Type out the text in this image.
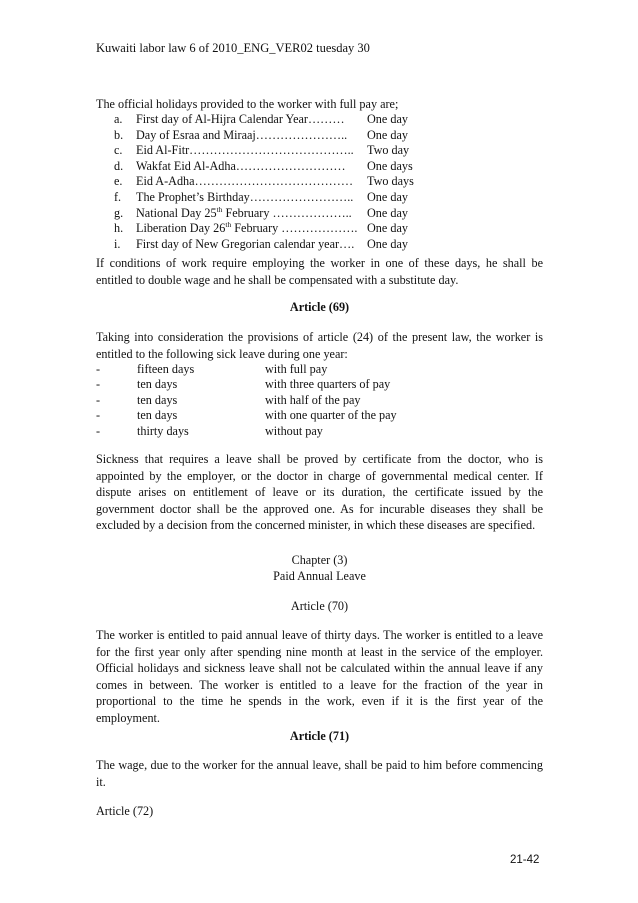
Kuwaiti labor law 6 of 2010_ENG_VER02 tuesday 30

The official holidays provided to the worker with full pay are;

a. First day of Al-Hijra Calendar Year………	One day
b. Day of Esraa and Miraaj…………………..	One day
c. Eid Al-Fitr…………………………………..	Two day
d. Wakfat Eid Al-Adha………………………	One days
e. Eid A-Adha…………………………………	Two days
f. The Prophet’s Birthday……………………..	One day
g. National Day 25th February ………………..	One day
h. Liberation Day 26th February ………………. One day
i. First day of New Gregorian calendar year….	One day

If conditions of work require employing the worker in one of these days, he shall be entitled to double wage and he shall be compensated with a substitute day.

Article (69)

Taking into consideration the provisions of article (24) of the present law, the worker is entitled to the following sick leave during one year:

-	fifteen days	with full pay
-	ten days	with three quarters of pay
-	ten days	with half of the pay
-	ten days	with one quarter of the pay
-	thirty days	without pay

Sickness that requires a leave shall be proved by certificate from the doctor, who is appointed by the employer, or the doctor in charge of governmental medical center. If dispute arises on entitlement of leave or its duration, the certificate issued by the government doctor shall be the approved one. As for incurable diseases they shall be excluded by a decision from the concerned minister, in which these diseases are specified.

Chapter (3)
Paid Annual Leave
Article (70)

The worker is entitled to paid annual leave of thirty days. The worker is entitled to a leave for the first year only after spending nine month at least in the service of the employer. Official holidays and sickness leave shall not be calculated within the annual leave if any comes in between. The worker is entitled to a leave for the fraction of the year in proportional to the time he spends in the work, even if it is the first year of the employment.

Article (71)

The wage, due to the worker for the annual leave, shall be paid to him before commencing it.

Article (72)

21-42
